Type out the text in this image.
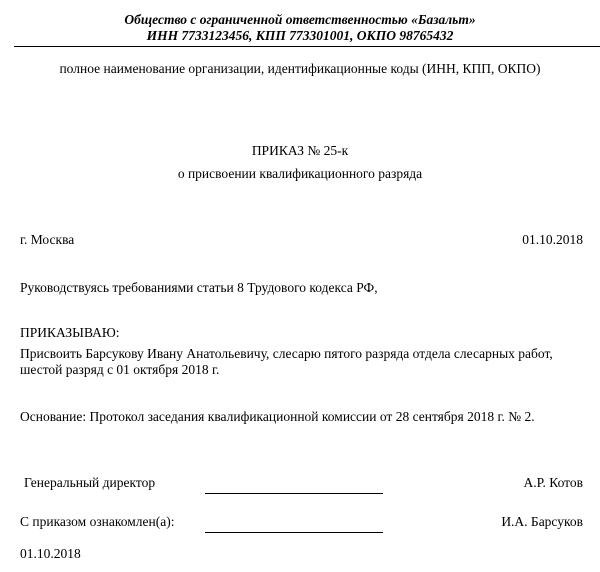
Общество с ограниченной ответственностью «Базальт»
ИНН 7733123456, КПП 773301001, ОКПО 98765432
полное наименование организации, идентификационные коды (ИНН, КПП, ОКПО)
ПРИКАЗ № 25-к
о присвоении квалификационного разряда
г. Москва	01.10.2018
Руководствуясь требованиями статьи 8 Трудового кодекса РФ,
ПРИКАЗЫВАЮ:
Присвоить Барсукову Ивану Анатольевичу, слесарю пятого разряда отдела слесарных работ,
шестой разряд с 01 октября 2018 г.
Основание: Протокол заседания квалификационной комиссии от 28 сентября 2018 г. № 2.
Генеральный директор	А.Р. Котов
С приказом ознакомлен(а):	И.А. Барсуков
01.10.2018
